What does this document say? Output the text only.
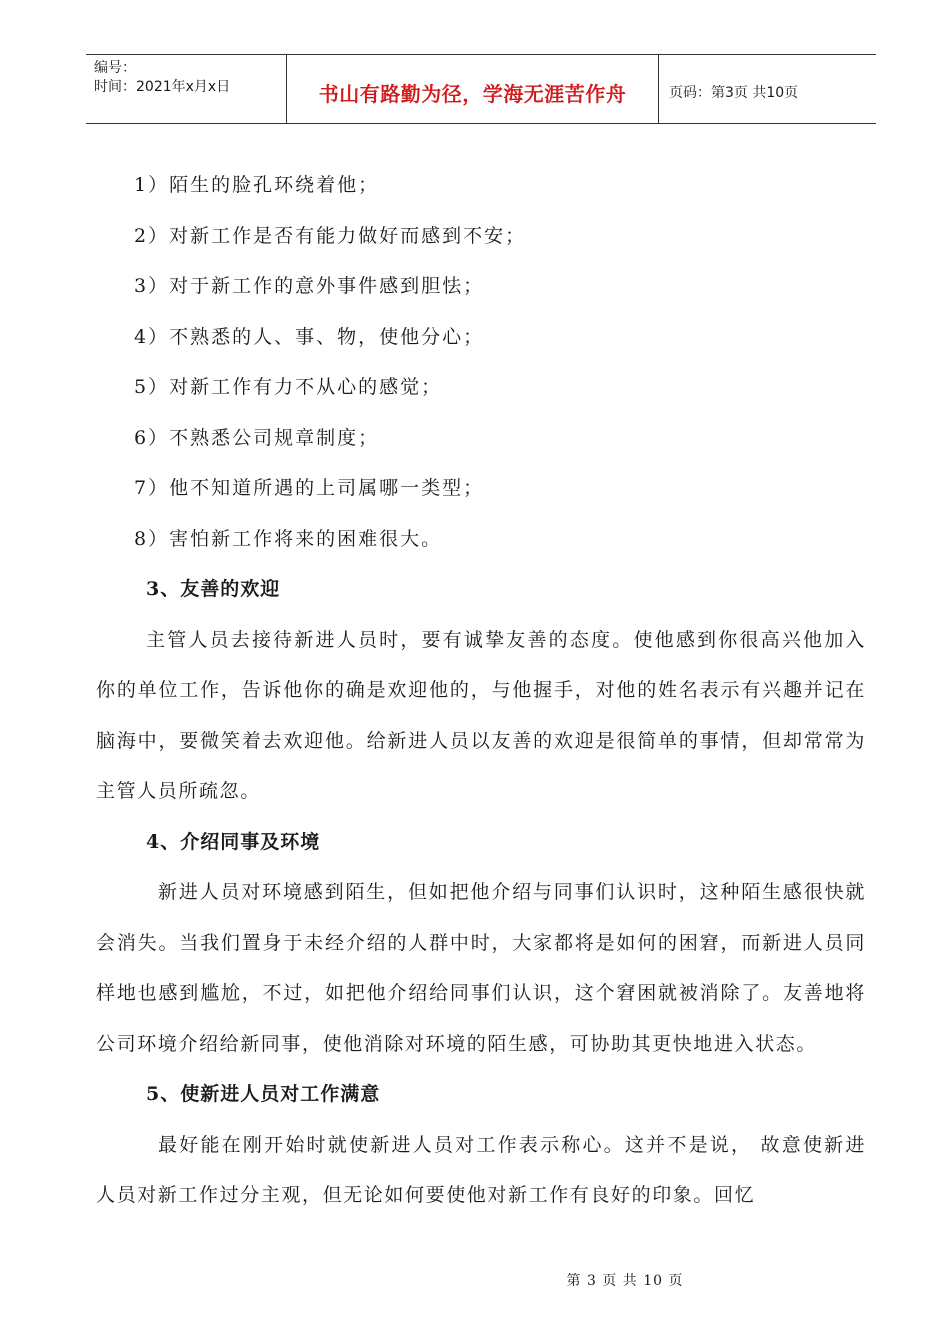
编号：
时间：2021年x月x日	书山有路勤为径，学海无涯苦作舟	页码：第3页 共10页
1）陌生的脸孔环绕着他；
2）对新工作是否有能力做好而感到不安；
3）对于新工作的意外事件感到胆怯；
4）不熟悉的人、事、物，使他分心；
5）对新工作有力不从心的感觉；
6）不熟悉公司规章制度；
7）他不知道所遇的上司属哪一类型；
8）害怕新工作将来的困难很大。
3、友善的欢迎

主管人员去接待新进人员时，要有诚挚友善的态度。使他感到你很高兴他加入你的单位工作，告诉他你的确是欢迎他的，与他握手，对他的姓名表示有兴趣并记在脑海中，要微笑着去欢迎他。给新进人员以友善的欢迎是很简单的事情，但却常常为主管人员所疏忽。

4、介绍同事及环境

新进人员对环境感到陌生，但如把他介绍与同事们认识时，这种陌生感很快就会消失。当我们置身于未经介绍的人群中时，大家都将是如何的困窘，而新进人员同样地也感到尴尬，不过，如把他介绍给同事们认识，这个窘困就被消除了。友善地将公司环境介绍给新同事，使他消除对环境的陌生感，可协助其更快地进入状态。

5、使新进人员对工作满意

最好能在刚开始时就使新进人员对工作表示称心。这并不是说， 故意使新进人员对新工作过分主观，但无论如何要使他对新工作有良好的印象。回忆

第 3 页 共 10 页
